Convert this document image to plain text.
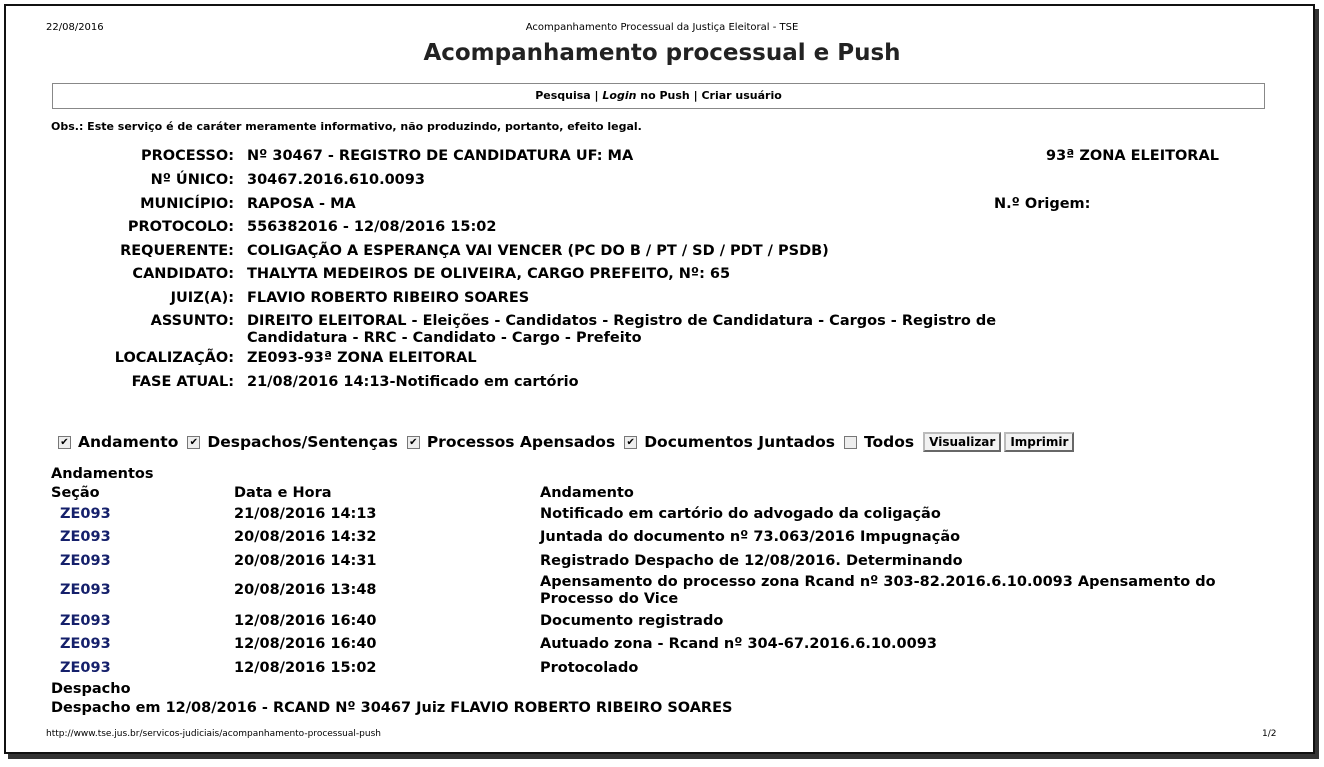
22/08/2016	Acompanhamento Processual da Justiça Eleitoral - TSE
Acompanhamento processual e Push
Pesquisa | Login no Push | Criar usuário
Obs.: Este serviço é de caráter meramente informativo, não produzindo, portanto, efeito legal.
PROCESSO: Nº 30467 - REGISTRO DE CANDIDATURA UF: MA
Nº ÚNICO: 30467.2016.610.0093
MUNICÍPIO: RAPOSA - MA
PROTOCOLO: 556382016 - 12/08/2016 15:02
REQUERENTE: COLIGAÇÃO A ESPERANÇA VAI VENCER (PC DO B / PT / SD / PDT / PSDB)
CANDIDATO: THALYTA MEDEIROS DE OLIVEIRA, CARGO PREFEITO, Nº: 65
JUIZ(A): FLAVIO ROBERTO RIBEIRO SOARES
ASSUNTO: DIREITO ELEITORAL - Eleições - Candidatos - Registro de Candidatura - Cargos - Registro de Candidatura - RRC - Candidato - Cargo - Prefeito
LOCALIZAÇÃO: ZE093-93ª ZONA ELEITORAL
FASE ATUAL: 21/08/2016 14:13-Notificado em cartório
93ª ZONA ELEITORAL
N.º Origem:
✔ Andamento ✔ Despachos/Sentenças ✔ Processos Apensados ✔ Documentos Juntados Todos	Visualizar	Imprimir
Andamentos
Seção	Data e Hora	Andamento
ZE093	21/08/2016 14:13	Notificado em cartório do advogado da coligação
ZE093	20/08/2016 14:32	Juntada do documento nº 73.063/2016 Impugnação
ZE093	20/08/2016 14:31	Registrado Despacho de 12/08/2016. Determinando
ZE093	20/08/2016 13:48	Apensamento do processo zona Rcand nº 303-82.2016.6.10.0093 Apensamento do Processo do Vice
ZE093	12/08/2016 16:40	Documento registrado
ZE093	12/08/2016 16:40	Autuado zona - Rcand nº 304-67.2016.6.10.0093
ZE093	12/08/2016 15:02	Protocolado
Despacho
Despacho em 12/08/2016 - RCAND Nº 30467 Juiz FLAVIO ROBERTO RIBEIRO SOARES
http://www.tse.jus.br/servicos-judiciais/acompanhamento-processual-push	1/2
